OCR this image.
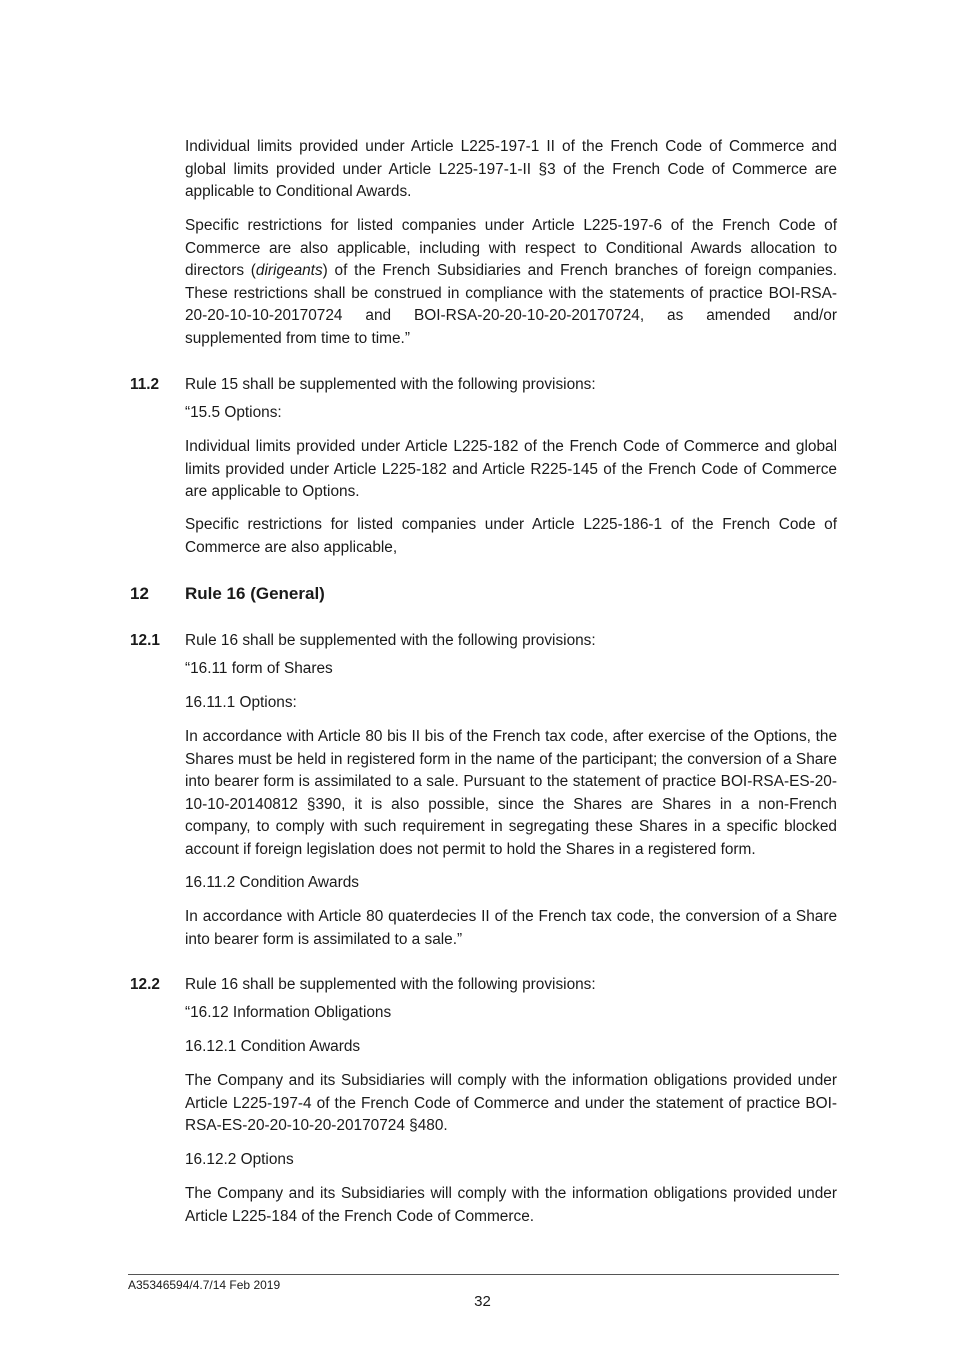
Individual limits provided under Article L225-197-1 II of the French Code of Commerce and global limits provided under Article L225-197-1-II §3 of the French Code of Commerce are applicable to Conditional Awards.

Specific restrictions for listed companies under Article L225-197-6 of the French Code of Commerce are also applicable, including with respect to Conditional Awards allocation to directors (dirigeants) of the French Subsidiaries and French branches of foreign companies. These restrictions shall be construed in compliance with the statements of practice BOI-RSA-20-20-10-10-20170724 and BOI-RSA-20-20-10-20-20170724, as amended and/or supplemented from time to time.”

11.2 Rule 15 shall be supplemented with the following provisions:
“15.5 Options:

Individual limits provided under Article L225-182 of the French Code of Commerce and global limits provided under Article L225-182 and Article R225-145 of the French Code of Commerce are applicable to Options.

Specific restrictions for listed companies under Article L225-186-1 of the French Code of Commerce are also applicable,

12 Rule 16 (General)
12.1 Rule 16 shall be supplemented with the following provisions:
“16.11 form of Shares
16.11.1 Options:

In accordance with Article 80 bis II bis of the French tax code, after exercise of the Options, the Shares must be held in registered form in the name of the participant; the conversion of a Share into bearer form is assimilated to a sale. Pursuant to the statement of practice BOI-RSA-ES-20-10-10-20140812 §390, it is also possible, since the Shares are Shares in a non-French company, to comply with such requirement in segregating these Shares in a specific blocked account if foreign legislation does not permit to hold the Shares in a registered form.

16.11.2 Condition Awards

In accordance with Article 80 quaterdecies II of the French tax code, the conversion of a Share into bearer form is assimilated to a sale.”

12.2 Rule 16 shall be supplemented with the following provisions:
“16.12 Information Obligations
16.12.1 Condition Awards

The Company and its Subsidiaries will comply with the information obligations provided under Article L225-197-4 of the French Code of Commerce and under the statement of practice BOI-RSA-ES-20-20-10-20-20170724 §480.

16.12.2 Options

The Company and its Subsidiaries will comply with the information obligations provided under Article L225-184 of the French Code of Commerce.

A35346594/4.7/14 Feb 2019
32
